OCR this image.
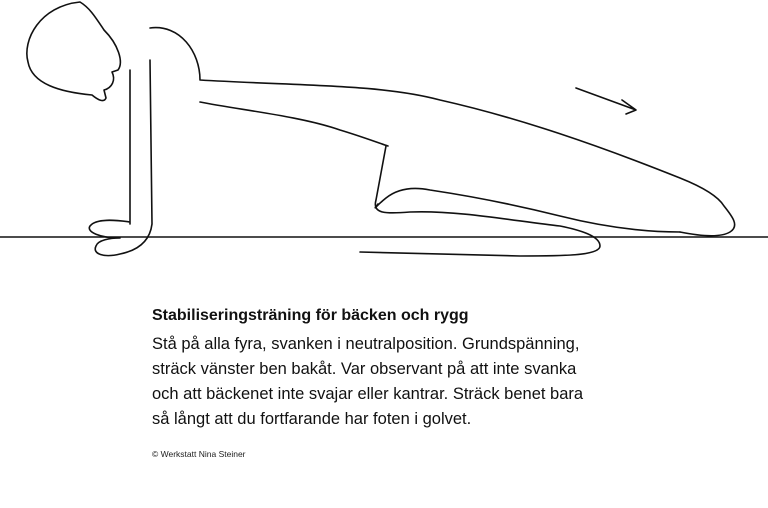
Stabiliseringsträning för bäcken och rygg
Stå på alla fyra, svanken i neutralposition. Grundspänning,
sträck vänster ben bakåt. Var observant på att inte svanka
och att bäckenet inte svajar eller kantrar. Sträck benet bara
så långt att du fortfarande har foten i golvet.
© Werkstatt Nina Steiner
